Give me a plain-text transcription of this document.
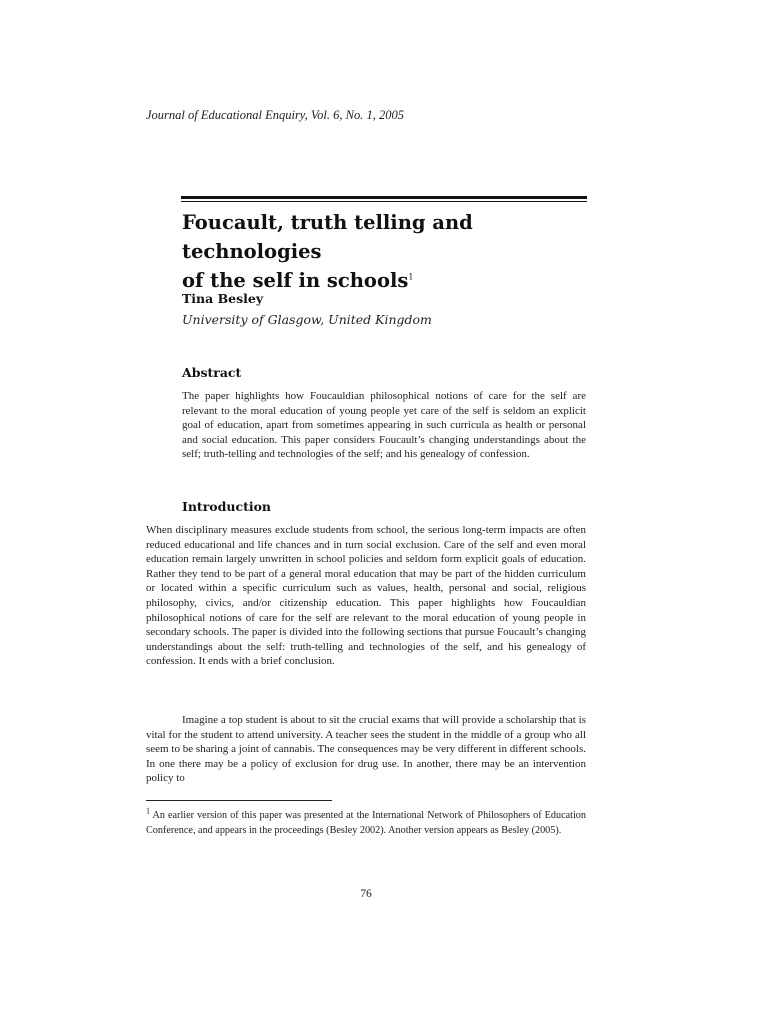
Journal of Educational Enquiry, Vol. 6, No. 1, 2005
Foucault, truth telling and technologies
of the self in schools$^1$
Tina Besley
University of Glasgow, United Kingdom
Abstract

The paper highlights how Foucauldian philosophical notions of care for the self are relevant to the moral education of young people yet care of the self is seldom an explicit goal of education, apart from sometimes appearing in such curricula as health or personal and social education. This paper considers Foucault’s changing understandings about the self; truth-telling and technologies of the self; and his genealogy of confession.

Introduction

When disciplinary measures exclude students from school, the serious long-term impacts are often reduced educational and life chances and in turn social exclusion. Care of the self and even moral education remain largely unwritten in school policies and seldom form explicit goals of education. Rather they tend to be part of a general moral education that may be part of the hidden curriculum or located within a specific curriculum such as values, health, personal and social, religious philosophy, civics, and/or citizenship education. This paper highlights how Foucauldian philosophical notions of care for the self are relevant to the moral education of young people in secondary schools. The paper is divided into the following sections that pursue Foucault’s changing understandings about the self: truth-telling and technologies of the self, and his genealogy of confession. It ends with a brief conclusion.

Imagine a top student is about to sit the crucial exams that will provide a scholarship that is vital for the student to attend university. A teacher sees the student in the middle of a group who all seem to be sharing a joint of cannabis. The consequences may be very different in different schools. In one there may be a policy of exclusion for drug use. In another, there may be an intervention policy to

$^1$ An earlier version of this paper was presented at the International Network of Philosophers of Education Conference, and appears in the proceedings (Besley 2002). Another version appears as Besley (2005).

76
